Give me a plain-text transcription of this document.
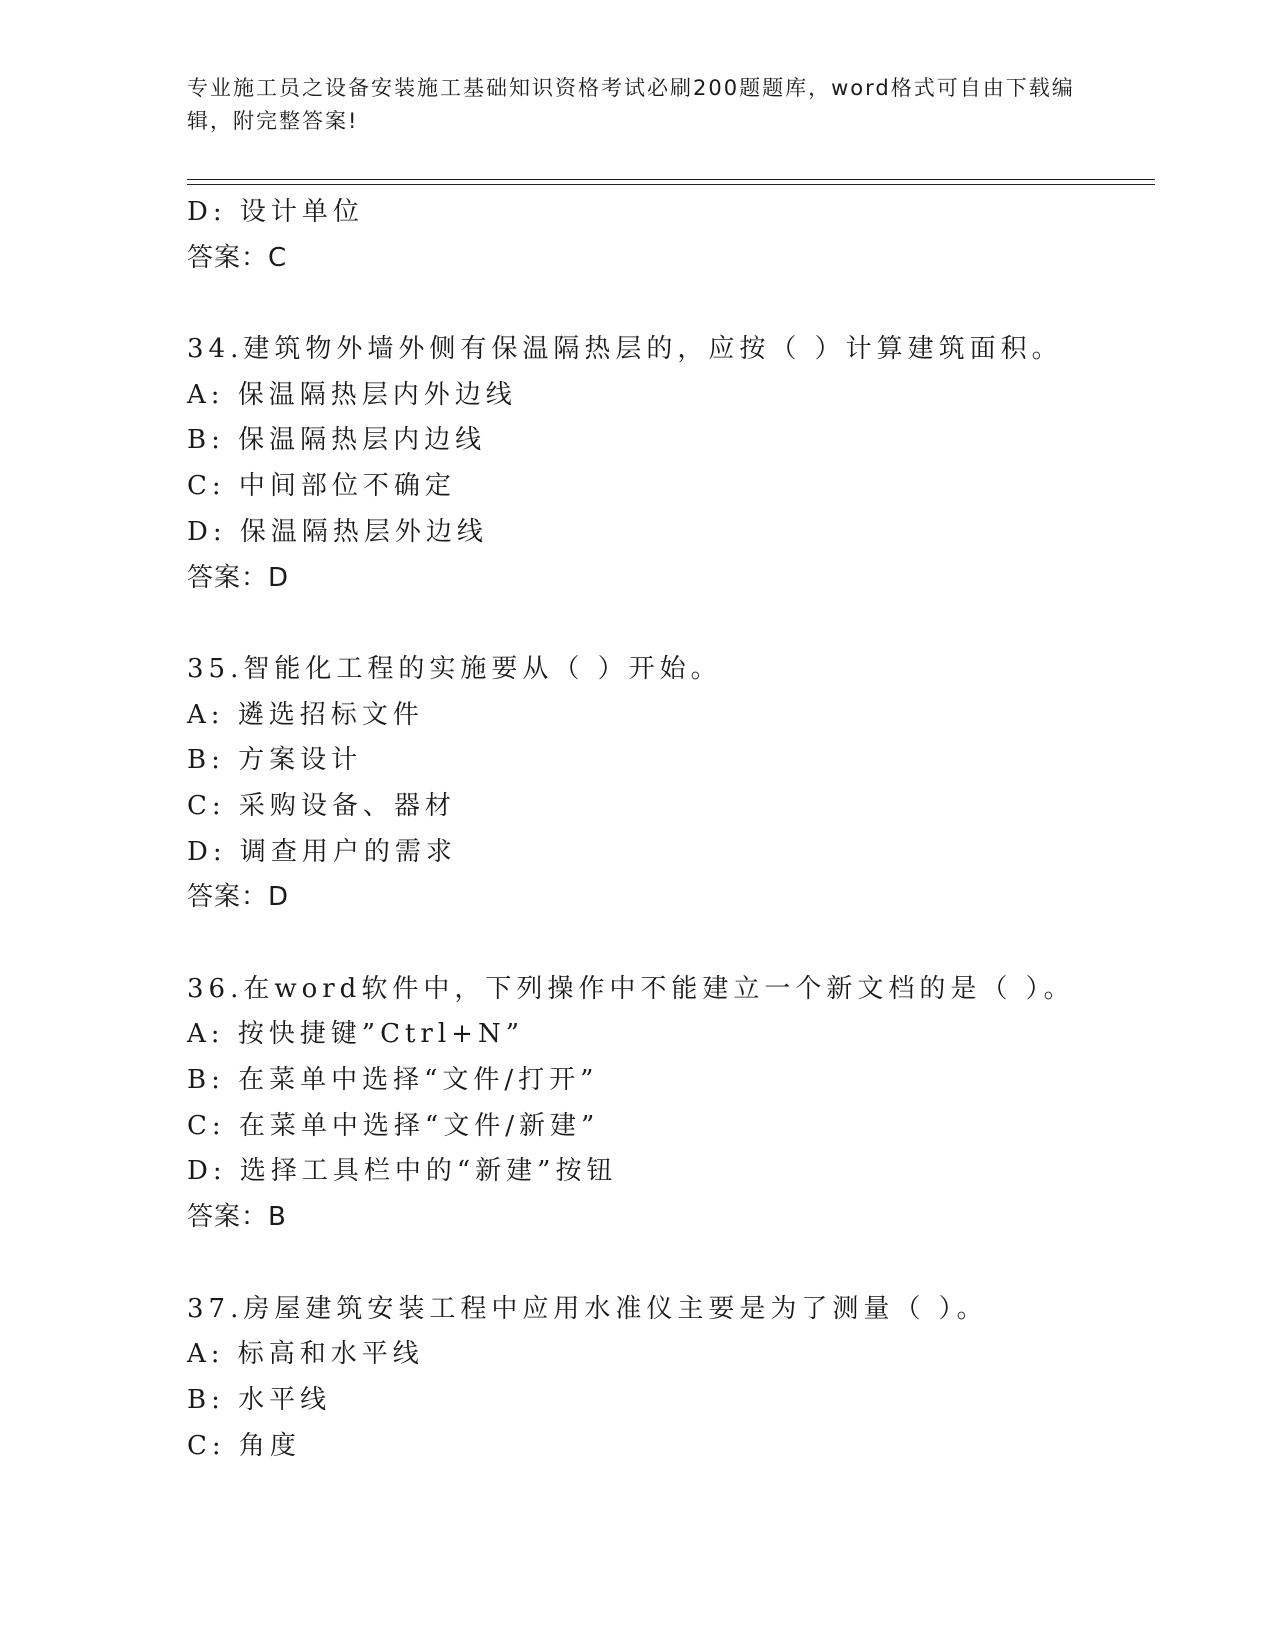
专业施工员之设备安装施工基础知识资格考试必刷200题题库，word格式可自由下载编辑，附完整答案!
D: 设计单位
答案：C
34.建筑物外墙外侧有保温隔热层的，应按（ ）计算建筑面积。
A: 保温隔热层内外边线
B: 保温隔热层内边线
C: 中间部位不确定
D: 保温隔热层外边线
答案：D
35.智能化工程的实施要从（ ）开始。
A: 遴选招标文件
B: 方案设计
C: 采购设备、器材
D: 调查用户的需求
答案：D
36.在word软件中，下列操作中不能建立一个新文档的是（ ）。
A: 按快捷键”Ctrl+N”
B: 在菜单中选择“文件/打开”
C: 在菜单中选择“文件/新建”
D: 选择工具栏中的“新建”按钮
答案：B
37.房屋建筑安装工程中应用水准仪主要是为了测量（ ）。
A: 标高和水平线
B: 水平线
C: 角度
